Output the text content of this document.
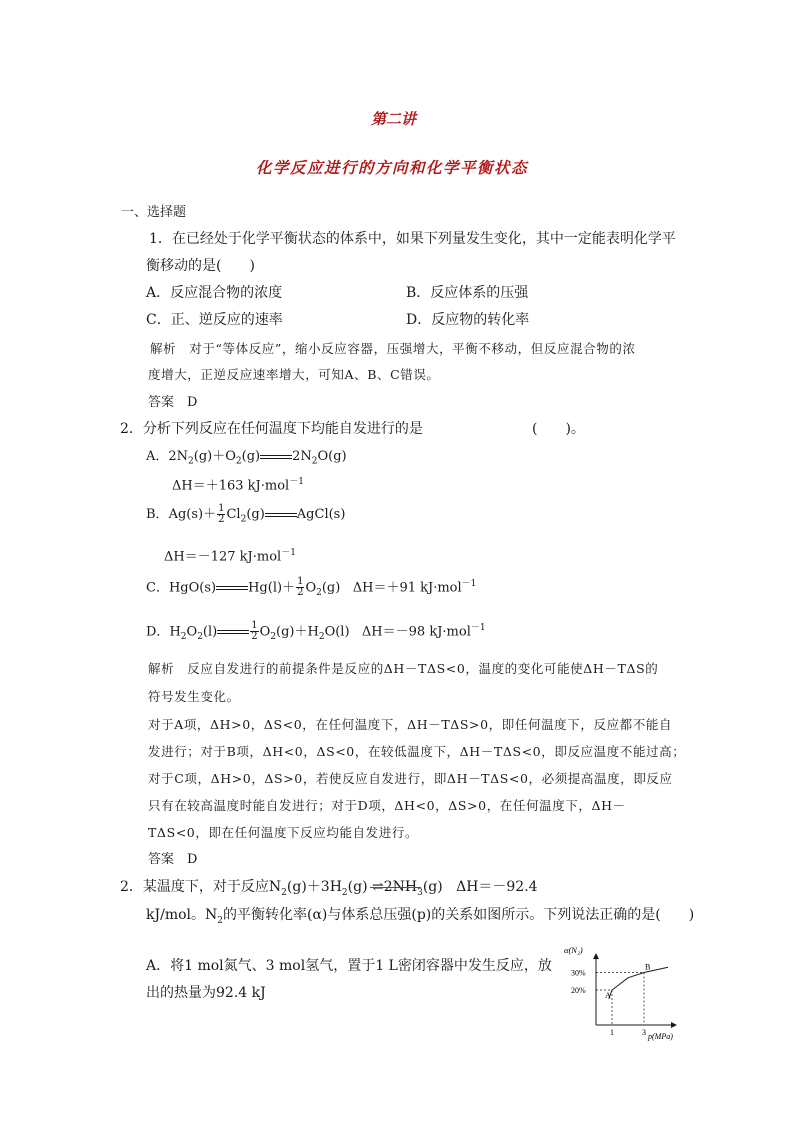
第二讲
化学反应进行的方向和化学平衡状态
一、选择题
1．在已经处于化学平衡状态的体系中，如果下列量发生变化，其中一定能表明化学平
衡移动的是(　　)
A．反应混合物的浓度	B．反应体系的压强
C．正、逆反应的速率	D．反应物的转化率
解析　对于“等体反应”，缩小反应容器，压强增大，平衡不移动，但反应混合物的浓
度增大，正逆反应速率增大，可知A、B、C错误。
答案　D
2．分析下列反应在任何温度下均能自发进行的是	(　　)。
A．$2N_2(g)+O_2(g)$ $2N_2O(g)$
ΔH＝＋163 kJ·mol$^{-1}$
B．$Ag(s)+ \frac{1}{2} Cl_2(g)$ AgCl(s)
ΔH＝－127 kJ·mol$^{-1}$
C．HgO(s) $Hg(l)+ \frac{1}{2} O_2(g)$   ΔH＝＋91 kJ·mol$^{-1}$
D．$H_2O_2(l)$	$\frac{1}{2} O_2(g)+H_2O(l)$   ΔH＝－98 kJ·mol$^{-1}$
解析　反应自发进行的前提条件是反应的ΔH－TΔS<0，温度的变化可能使ΔH－TΔS的
符号发生变化。
对于A项，ΔH>0，ΔS<0，在任何温度下，ΔH－TΔS>0，即任何温度下，反应都不能自
发进行；对于B项，ΔH<0，ΔS<0，在较低温度下，ΔH－TΔS<0，即反应温度不能过高；
对于C项，ΔH>0，ΔS>0，若使反应自发进行，即ΔH－TΔS<0，必须提高温度，即反应
只有在较高温度时能自发进行；对于D项，ΔH<0，ΔS>0，在任何温度下，ΔH－
TΔS<0，即在任何温度下反应均能自发进行。
答案　D
2．某温度下，对于反应$N_2(g)+3H_2(g)$ $\rightleftharpoons 2NH_3$
(g)   ΔH＝－92.4
kJ/mol。$N_2$的平衡转化率(α)与体系总压强(p)的关系如图所示。下列说法正确的是(　　)
A．将1 mol氮气、3 mol氢气，置于1 L密闭容器中发生反应，放
出的热量为92.4 kJ
α(N₂)
p(MPa)
A
B
1	3
20%
30%
